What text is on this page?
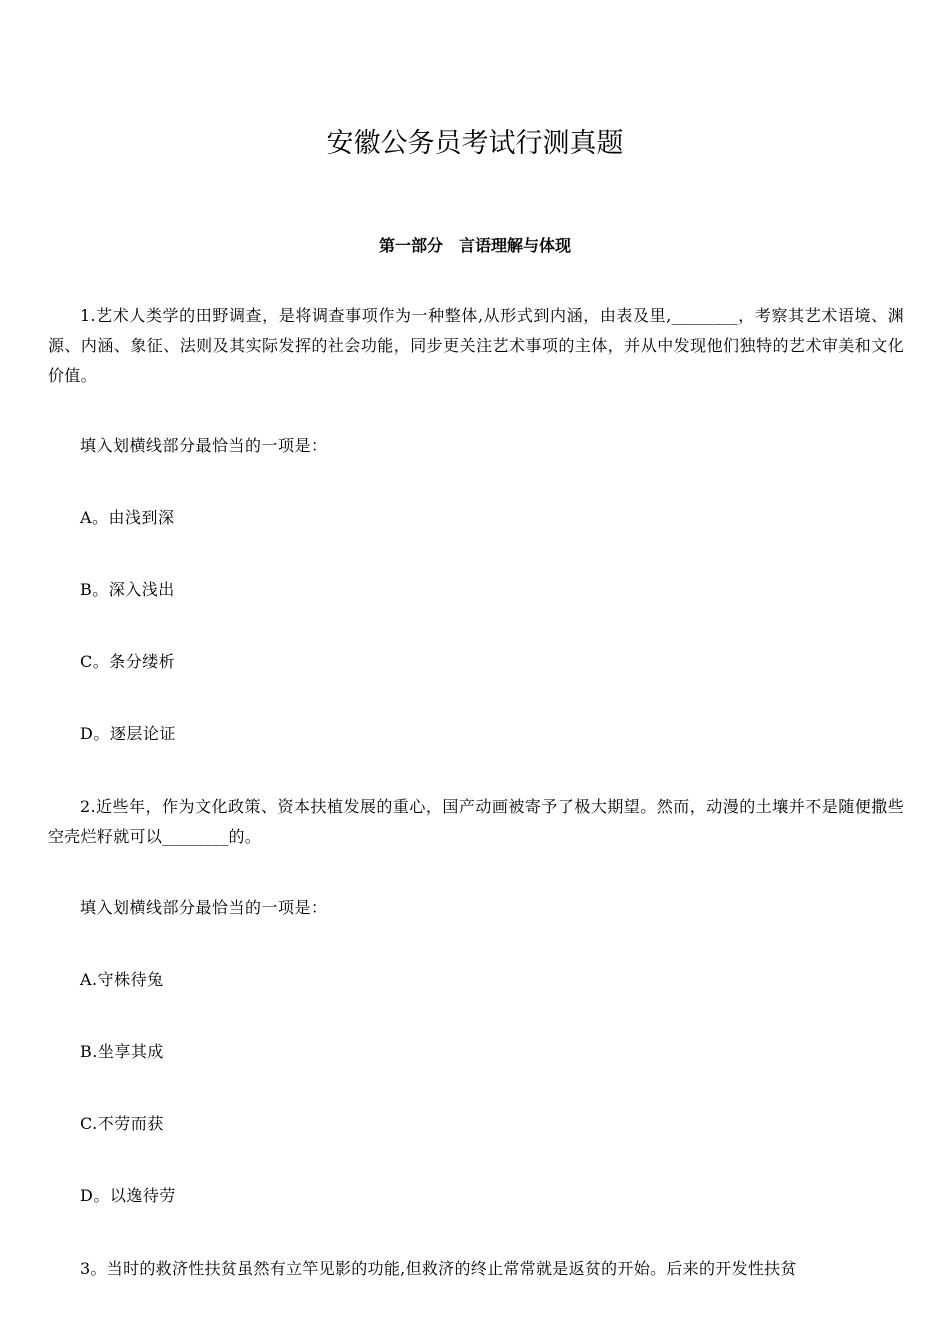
安徽公务员考试行测真题
第一部分　言语理解与体现
1.艺术人类学的田野调查，是将调查事项作为一种整体,从形式到内涵，由表及里,________，考察其艺术语境、渊源、内涵、象征、法则及其实际发挥的社会功能，同步更关注艺术事项的主体，并从中发现他们独特的艺术审美和文化价值。
填入划横线部分最恰当的一项是：
A。由浅到深
B。深入浅出
C。条分缕析
D。逐层论证
2.近些年，作为文化政策、资本扶植发展的重心，国产动画被寄予了极大期望。然而，动漫的土壤并不是随便撒些空壳烂籽就可以________的。
填入划横线部分最恰当的一项是：
A.守株待兔
B.坐享其成
C.不劳而获
D。以逸待劳
3。当时的救济性扶贫虽然有立竿见影的功能,但救济的终止常常就是返贫的开始。后来的开发性扶贫
